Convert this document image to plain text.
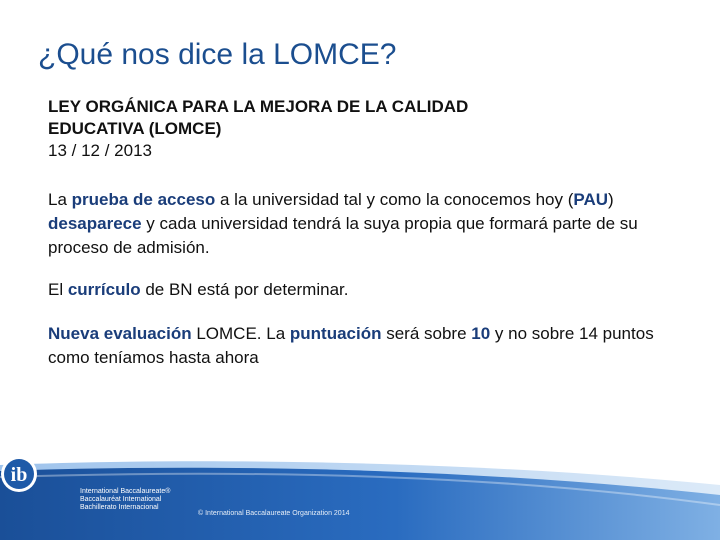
¿Qué nos dice la LOMCE?

LEY ORGÁNICA PARA LA MEJORA DE LA CALIDAD
EDUCATIVA (LOMCE)

13 / 12 / 2013

La prueba de acceso a la universidad tal y como la conocemos hoy (PAU) desaparece y cada universidad tendrá la suya propia que formará parte de su proceso de admisión.

El currículo de BN está por determinar.

Nueva evaluación LOMCE. La puntuación será sobre 10 y no sobre 14 puntos como teníamos hasta ahora

ib
International Baccalaureate®
Baccalauréat International
Bachillerato Internacional
© International Baccalaureate Organization 2014
